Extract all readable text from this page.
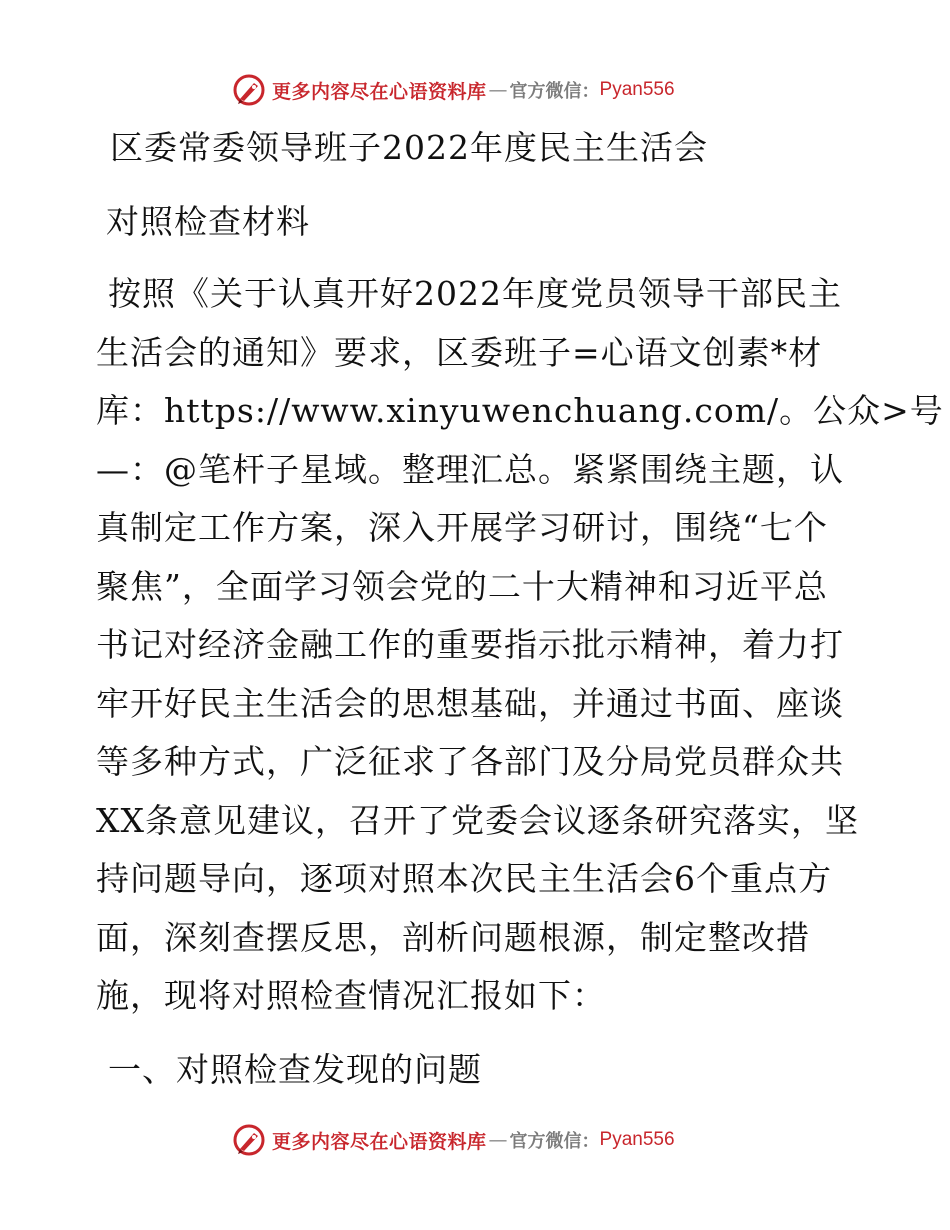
更多内容尽在心语资料库 — 官方微信： Pyan556
区委常委领导班子2022年度民主生活会
对照检查材料
按照《关于认真开好2022年度党员领导干部民主
生活会的通知》要求，区委班子=心语文创素*材
库：https://www.xinyuwenchuang.com/。公众>号
—：@笔杆子星域。整理汇总。紧紧围绕主题，认
真制定工作方案，深入开展学习研讨，围绕“七个
聚焦”，全面学习领会党的二十大精神和习近平总
书记对经济金融工作的重要指示批示精神，着力打
牢开好民主生活会的思想基础，并通过书面、座谈
等多种方式，广泛征求了各部门及分局党员群众共
XX条意见建议，召开了党委会议逐条研究落实，坚
持问题导向，逐项对照本次民主生活会6个重点方
面，深刻查摆反思，剖析问题根源，制定整改措
施，现将对照检查情况汇报如下：
一、对照检查发现的问题
更多内容尽在心语资料库 — 官方微信： Pyan556
